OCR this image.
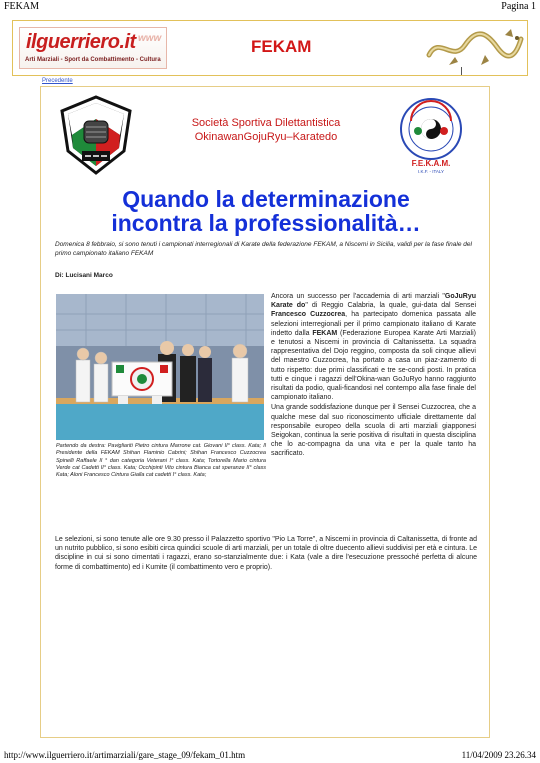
FEKAM	Pagina 1
ilguerriero.it www
Arti Marziali - Sport da Combattimento - Cultura
FEKAM
Precedente
Società Sportiva Dilettantistica
OkinawanGojuRyu–Karatedo
F.E.K.A.M.
I.K.F. - ITALY
Quando la determinazione
incontra la professionalità…
Domenica 8 febbraio, si sono tenuti i campionati interregionali di Karate della federazione FEKAM, a Niscemi in Sicilia, validi per la fase finale del primo campionato italiano FEKAM
Di: Lucisani Marco
Partendo da destra: Pavigliariti Pietro cintura Marrone cat. Giovani II° class. Kata; Il Presidente della FEKAM Shihan Flaminio Cabrini; Shihan Francesco Cuzzocrea Spinelli Raffaele II ° dan categoria Veterani I° class. Kata; Tortorella Mario cintura Verde cat Cadetti II° class. Kata; Occhipinti Vito cintura Bianca cat speranze II° class Kata; Aloni Francesco Cintura Gialla cat cadetti I° class. Kata;

Ancora un successo per l'accademia di arti marziali "GoJuRyu Karate do" di Reggio Calabria, la quale, gui-data dal Sensei Francesco Cuzzocrea, ha partecipato domenica passata alle selezioni interregionali per il primo campionato italiano di Karate indetto dalla FEKAM (Federazione Europea Karate Arti Marziali) e tenutosi a Niscemi in provincia di Caltanissetta. La squadra rappresentativa del Dojo reggino, composta da soli cinque allievi del maestro Cuzzocrea, ha portato a casa un piaz-zamento di tutto rispetto: due primi classificati e tre se-condi posti. In pratica tutti e cinque i ragazzi dell'Okina-wan GoJuRyo hanno raggiunto risultati da podio, quali-ficandosi nel contempo alla fase finale del campionato italiano.

Una grande soddisfazione dunque per il Sensei Cuzzocrea, che a qualche mese dal suo riconoscimento ufficiale direttamente dal responsabile europeo della scuola di arti marziali giapponesi Seigokan, continua la serie positiva di risultati in questa disciplina che lo ac-compagna da una vita e per la quale tanto ha sacrificato.

Le selezioni, si sono tenute alle ore 9.30 presso il Palazzetto sportivo "Pio La Torre", a Niscemi in provincia di Caltanissetta, di fronte ad un nutrito pubblico, si sono esibiti circa quindici scuole di arti marziali, per un totale di oltre duecento allievi suddivisi per età e cintura. Le discipline in cui si sono cimentati i ragazzi, erano so-stanzialmente due: i Kata (vale a dire l'esecuzione pressoché perfetta di alcune forme di combattimento) ed i Kumite (il combattimento vero e proprio).
http://www.ilguerriero.it/artimarziali/gare_stage_09/fekam_01.htm	11/04/2009 23.26.34
